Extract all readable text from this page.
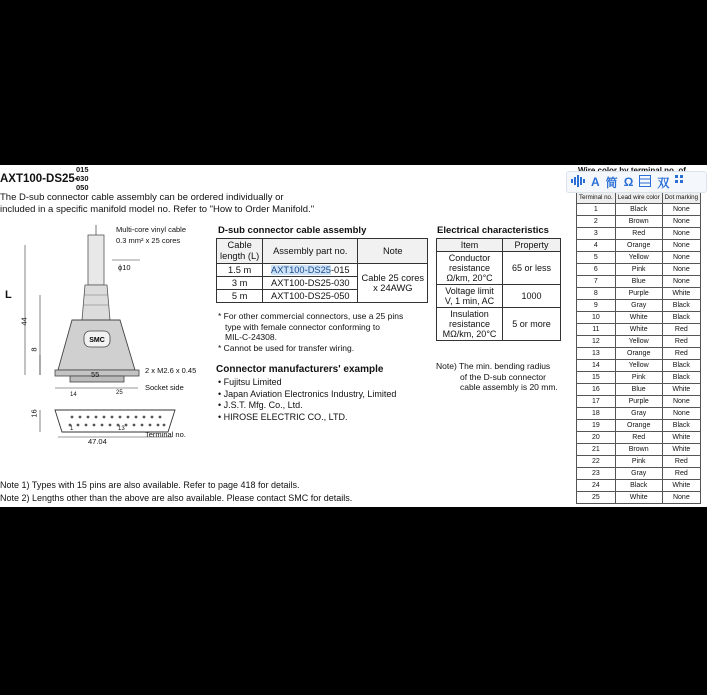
AXT100-DS25-
015
030
050
The D-sub connector cable assembly can be ordered individually or
included in a specific manifold model no. Refer to "How to Order Manifold."
SMC
Multi-core vinyl cable
0.3 mm² x 25 cores
ϕ10
L
44
8
55	2 x M2.6 x 0.45
Socket side
14	25
1	13
16
Terminal no.
47.04
D-sub connector cable assembly
Cable
length (L)	Assembly part no.	Note
1.5 m	AXT100-DS25-015	Cable 25 cores
x 24AWG

3 m	AXT100-DS25-030	
5 m	AXT100-DS25-050	
* For other commercial connectors, use a 25 pins
type with female connector conforming to
MIL-C-24308.
* Cannot be used for transfer wiring.
Connector manufacturers' example
• Fujitsu Limited
• Japan Aviation Electronics Industry, Limited
• J.S.T. Mfg. Co., Ltd.
• HIROSE ELECTRIC CO., LTD.
Electrical characteristics
Item	Property

Conductor
resistance
Ω/km, 20°C	65 or less

Voltage limit
V, 1 min, AC	1000

Insulation
resistance
MΩ/km, 20°C	5 or more
Note) The min. bending radius
of the D-sub connector
cable assembly is 20 mm.
Terminal no.	Lead wire color	Dot marking
1	Black	None
2	Brown	None
3	Red	None
4	Orange	None
5	Yellow	None
6	Pink	None
7	Blue	None
8	Purple	White
9	Gray	Black
10	White	Black
11	White	Red
12	Yellow	Red
13	Orange	Red
14	Yellow	Black
15	Pink	Black
16	Blue	White
17	Purple	None
18	Gray	None
19	Orange	Black
20	Red	White
21	Brown	White
22	Pink	Red
23	Gray	Red
24	Black	White
25	White	None
A 简 Ω 双
Note 1) Types with 15 pins are also available. Refer to page 418 for details.
Note 2) Lengths other than the above are also available. Please contact SMC for details.
